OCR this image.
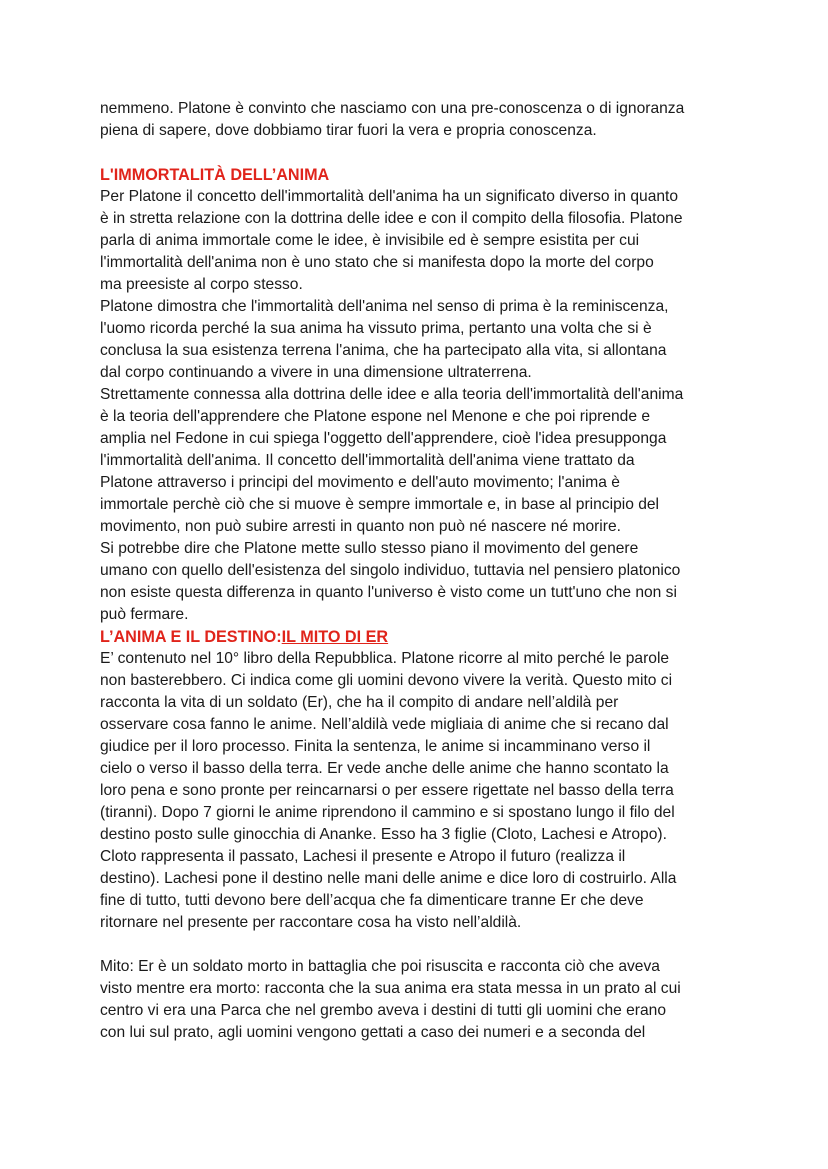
nemmeno. Platone è convinto che nasciamo con una pre-conoscenza o di ignoranza
piena di sapere, dove dobbiamo tirar fuori la vera e propria conoscenza.

L'IMMORTALITÀ DELL’ANIMA

Per Platone il concetto dell'immortalità dell'anima ha un significato diverso in quanto
è in stretta relazione con la dottrina delle idee e con il compito della filosofia. Platone
parla di anima immortale come le idee, è invisibile ed è sempre esistita per cui
l'immortalità dell'anima non è uno stato che si manifesta dopo la morte del corpo
ma preesiste al corpo stesso.

Platone dimostra che l'immortalità dell'anima nel senso di prima è la reminiscenza,
l'uomo ricorda perché la sua anima ha vissuto prima, pertanto una volta che si è
conclusa la sua esistenza terrena l'anima, che ha partecipato alla vita, si allontana
dal corpo continuando a vivere in una dimensione ultraterrena.

Strettamente connessa alla dottrina delle idee e alla teoria dell'immortalità dell'anima
è la teoria dell'apprendere che Platone espone nel Menone e che poi riprende e
amplia nel Fedone in cui spiega l'oggetto dell'apprendere, cioè l'idea presupponga
l'immortalità dell'anima. Il concetto dell'immortalità dell'anima viene trattato da
Platone attraverso i principi del movimento e dell'auto movimento; l'anima è
immortale perchè ciò che si muove è sempre immortale e, in base al principio del
movimento, non può subire arresti in quanto non può né nascere né morire.

Si potrebbe dire che Platone mette sullo stesso piano il movimento del genere
umano con quello dell'esistenza del singolo individuo, tuttavia nel pensiero platonico
non esiste questa differenza in quanto l'universo è visto come un tutt'uno che non si
può fermare.

L’ANIMA E IL DESTINO:IL MITO DI ER

E’ contenuto nel 10° libro della Repubblica. Platone ricorre al mito perché le parole
non basterebbero. Ci indica come gli uomini devono vivere la verità. Questo mito ci
racconta la vita di un soldato (Er), che ha il compito di andare nell’aldilà per
osservare cosa fanno le anime. Nell’aldilà vede migliaia di anime che si recano dal
giudice per il loro processo. Finita la sentenza, le anime si incamminano verso il
cielo o verso il basso della terra. Er vede anche delle anime che hanno scontato la
loro pena e sono pronte per reincarnarsi o per essere rigettate nel basso della terra
(tiranni). Dopo 7 giorni le anime riprendono il cammino e si spostano lungo il filo del
destino posto sulle ginocchia di Ananke. Esso ha 3 figlie (Cloto, Lachesi e Atropo).
Cloto rappresenta il passato, Lachesi il presente e Atropo il futuro (realizza il
destino). Lachesi pone il destino nelle mani delle anime e dice loro di costruirlo. Alla
fine di tutto, tutti devono bere dell’acqua che fa dimenticare tranne Er che deve
ritornare nel presente per raccontare cosa ha visto nell’aldilà.

Mito: Er è un soldato morto in battaglia che poi risuscita e racconta ciò che aveva
visto mentre era morto: racconta che la sua anima era stata messa in un prato al cui
centro vi era una Parca che nel grembo aveva i destini di tutti gli uomini che erano
con lui sul prato, agli uomini vengono gettati a caso dei numeri e a seconda del
